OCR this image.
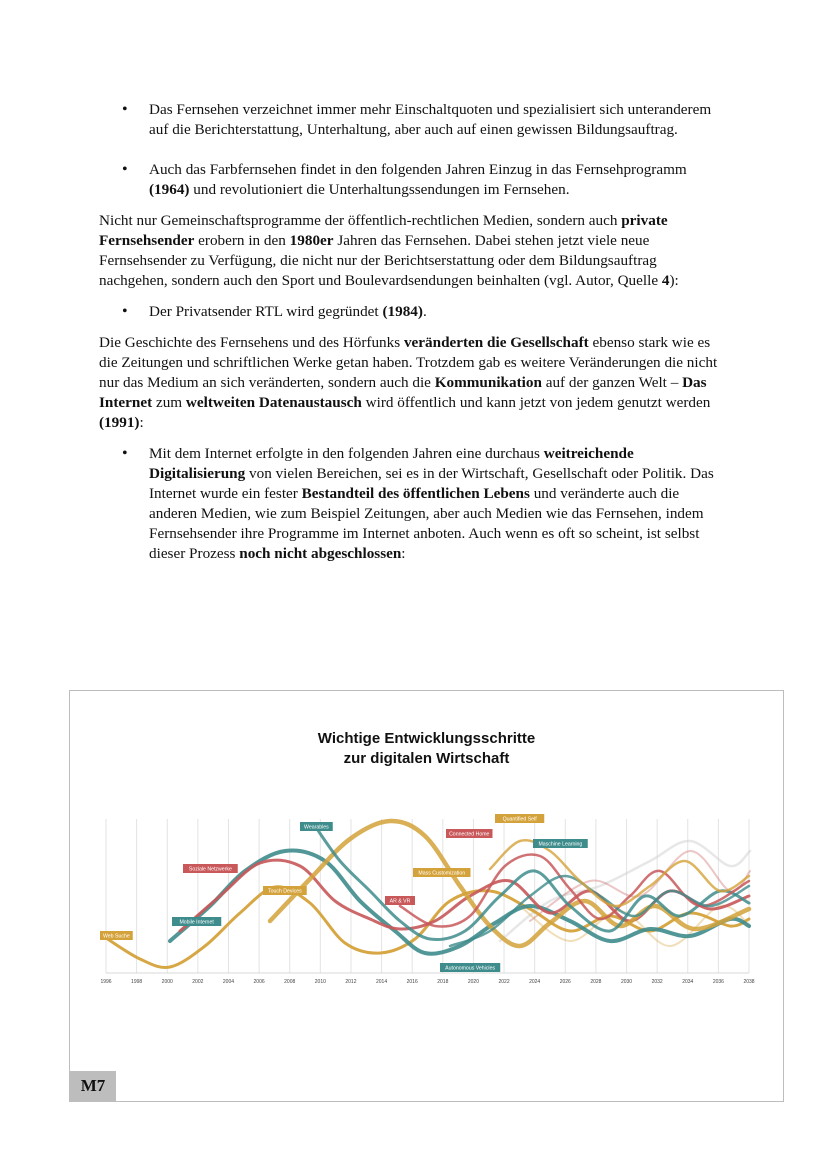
• Das Fernsehen verzeichnet immer mehr Einschaltquoten und spezialisiert sich unteranderem auf die Berichterstattung, Unterhaltung, aber auch auf einen gewissen Bildungsauftrag.

• Auch das Farbfernsehen findet in den folgenden Jahren Einzug in das Fernsehprogramm (1964) und revolutioniert die Unterhaltungssendungen im Fernsehen.

Nicht nur Gemeinschaftsprogramme der öffentlich-rechtlichen Medien, sondern auch private Fernsehsender erobern in den 1980er Jahren das Fernsehen. Dabei stehen jetzt viele neue Fernsehsender zu Verfügung, die nicht nur der Berichtserstattung oder dem Bildungsauftrag nachgehen, sondern auch den Sport und Boulevardsendungen beinhalten (vgl. Autor, Quelle 4):

• Der Privatsender RTL wird gegründet (1984).

Die Geschichte des Fernsehens und des Hörfunks veränderten die Gesellschaft ebenso stark wie es die Zeitungen und schriftlichen Werke getan haben. Trotzdem gab es weitere Veränderungen die nicht nur das Medium an sich veränderten, sondern auch die Kommunikation auf der ganzen Welt – Das Internet zum weltweiten Datenaustausch wird öffentlich und kann jetzt von jedem genutzt werden (1991):

• Mit dem Internet erfolgte in den folgenden Jahren eine durchaus weitreichende Digitalisierung von vielen Bereichen, sei es in der Wirtschaft, Gesellschaft oder Politik. Das Internet wurde ein fester Bestandteil des öffentlichen Lebens und veränderte auch die anderen Medien, wie zum Beispiel Zeitungen, aber auch Medien wie das Fernsehen, indem Fernsehsender ihre Programme im Internet anboten. Auch wenn es oft so scheint, ist selbst dieser Prozess noch nicht abgeschlossen:

1996	1998	2000	2002	2004	2006	2008	2010	2012	2014	2016	2018	2020	2022	2024	2026	2028	2030	2032	2034	2036	2038
Web Suche
Mobile Internet
Soziale Netzwerke
Touch Devices
Wearables
AR & VR
Mass Customization
Autonomous Vehicles
Connected Home
Quantified Self
Maschine Learning
Wichtige Entwicklungsschritte
zur digitalen Wirtschaft
M7
